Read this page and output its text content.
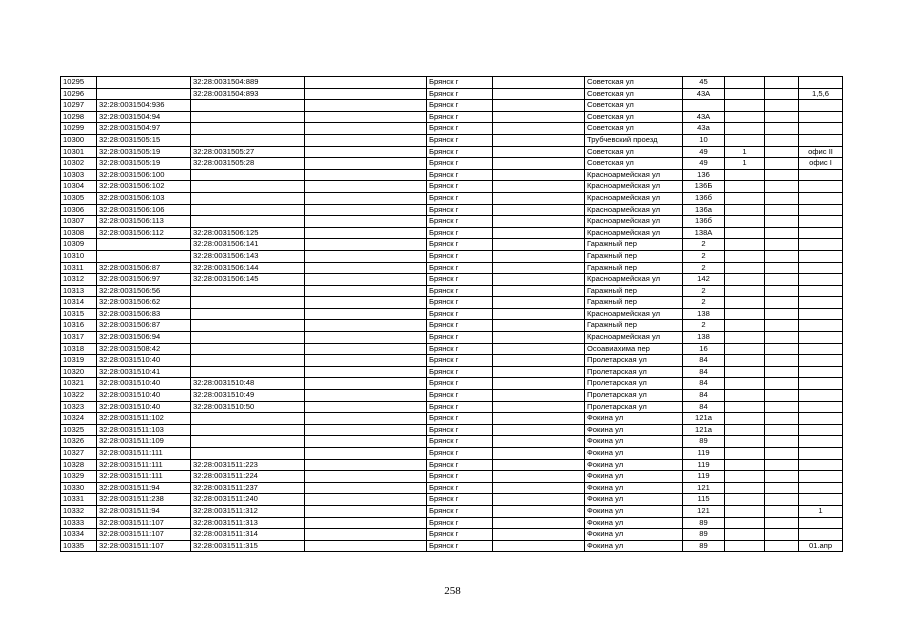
10295		32:28:0031504:889		Брянск г		Советская ул	45			
10296		32:28:0031504:893		Брянск г		Советская ул	43А			1,5,6
10297	32:28:0031504:936			Брянск г		Советская ул				
10298	32:28:0031504:94			Брянск г		Советская ул	43А			
10299	32:28:0031504:97			Брянск г		Советская ул	43а			
10300	32:28:0031505:15			Брянск г		Трубчевский проезд	10			
10301	32:28:0031505:19	32:28:0031505:27		Брянск г		Советская ул	49	1		офис II
10302	32:28:0031505:19	32:28:0031505:28		Брянск г		Советская ул	49	1		офис I
10303	32:28:0031506:100			Брянск г		Красноармейская ул	136			
10304	32:28:0031506:102			Брянск г		Красноармейская ул	136Б			
10305	32:28:0031506:103			Брянск г		Красноармейская ул	136б			
10306	32:28:0031506:106			Брянск г		Красноармейская ул	136а			
10307	32:28:0031506:113			Брянск г		Красноармейская ул	136б			
10308	32:28:0031506:112	32:28:0031506:125		Брянск г		Красноармейская ул	138А			
10309		32:28:0031506:141		Брянск г		Гаражный пер	2			
10310		32:28:0031506:143		Брянск г		Гаражный пер	2			
10311	32:28:0031506:87	32:28:0031506:144		Брянск г		Гаражный пер	2			
10312	32:28:0031506:97	32:28:0031506:145		Брянск г		Красноармейская ул	142			
10313	32:28:0031506:56			Брянск г		Гаражный пер	2			
10314	32:28:0031506:62			Брянск г		Гаражный пер	2			
10315	32:28:0031506:83			Брянск г		Красноармейская ул	138			
10316	32:28:0031506:87			Брянск г		Гаражный пер	2			
10317	32:28:0031506:94			Брянск г		Красноармейская ул	138			
10318	32:28:0031508:42			Брянск г		Осоавиахима пер	16			
10319	32:28:0031510:40			Брянск г		Пролетарская ул	84			
10320	32:28:0031510:41			Брянск г		Пролетарская ул	84			
10321	32:28:0031510:40	32:28:0031510:48		Брянск г		Пролетарская ул	84			
10322	32:28:0031510:40	32:28:0031510:49		Брянск г		Пролетарская ул	84			
10323	32:28:0031510:40	32:28:0031510:50		Брянск г		Пролетарская ул	84			
10324	32:28:0031511:102			Брянск г		Фокина ул	121а			
10325	32:28:0031511:103			Брянск г		Фокина ул	121а			
10326	32:28:0031511:109			Брянск г		Фокина ул	89			
10327	32:28:0031511:111			Брянск г		Фокина ул	119			
10328	32:28:0031511:111	32:28:0031511:223		Брянск г		Фокина ул	119			
10329	32:28:0031511:111	32:28:0031511:224		Брянск г		Фокина ул	119			
10330	32:28:0031511:94	32:28:0031511:237		Брянск г		Фокина ул	121			
10331	32:28:0031511:238	32:28:0031511:240		Брянск г		Фокина ул	115			
10332	32:28:0031511:94	32:28:0031511:312		Брянск г		Фокина ул	121			1
10333	32:28:0031511:107	32:28:0031511:313		Брянск г		Фокина ул	89			
10334	32:28:0031511:107	32:28:0031511:314		Брянск г		Фокина ул	89			
10335	32:28:0031511:107	32:28:0031511:315		Брянск г		Фокина ул	89			01.апр
258
